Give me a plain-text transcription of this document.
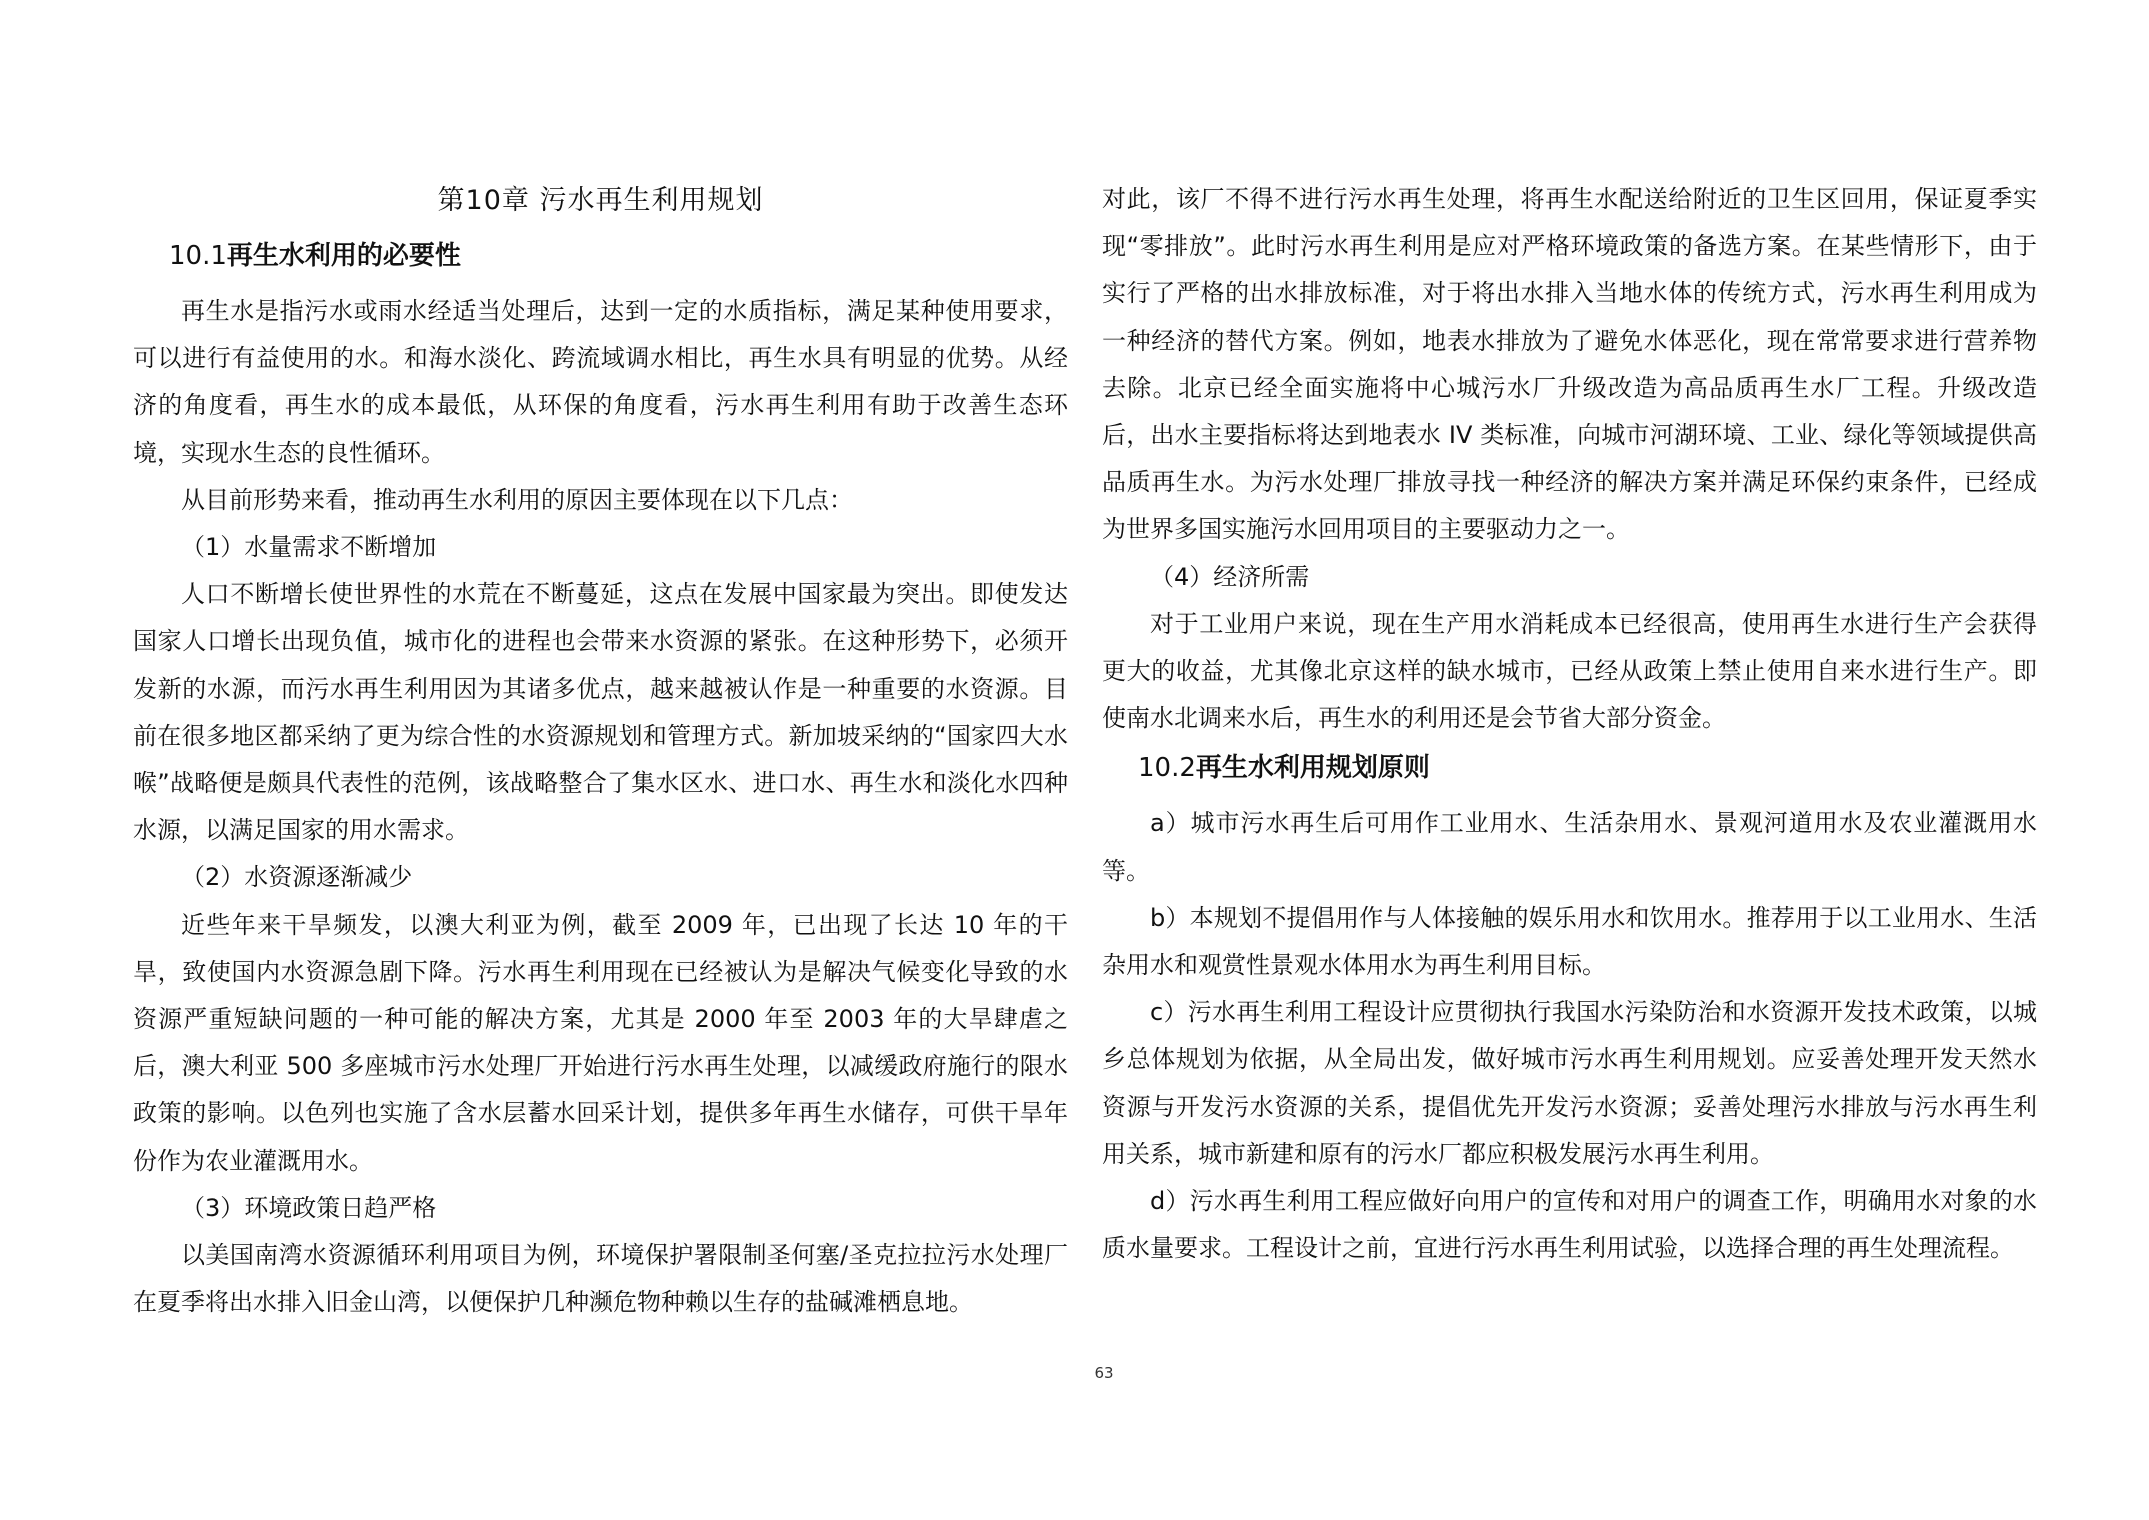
第10章 污水再生利用规划
10.1再生水利用的必要性

再生水是指污水或雨水经适当处理后，达到一定的水质指标，满足某种使用要求，可以进行有益使用的水。和海水淡化、跨流域调水相比，再生水具有明显的优势。从经济的角度看，再生水的成本最低，从环保的角度看，污水再生利用有助于改善生态环境，实现水生态的良性循环。

从目前形势来看，推动再生水利用的原因主要体现在以下几点：

（1）水量需求不断增加

人口不断增长使世界性的水荒在不断蔓延，这点在发展中国家最为突出。即使发达国家人口增长出现负值，城市化的进程也会带来水资源的紧张。在这种形势下，必须开发新的水源，而污水再生利用因为其诸多优点，越来越被认作是一种重要的水资源。目前在很多地区都采纳了更为综合性的水资源规划和管理方式。新加坡采纳的“国家四大水喉”战略便是颇具代表性的范例，该战略整合了集水区水、进口水、再生水和淡化水四种水源，以满足国家的用水需求。

（2）水资源逐渐减少

近些年来干旱频发，以澳大利亚为例，截至 2009 年，已出现了长达 10 年的干旱，致使国内水资源急剧下降。污水再生利用现在已经被认为是解决气候变化导致的水资源严重短缺问题的一种可能的解决方案，尤其是 2000 年至 2003 年的大旱肆虐之后，澳大利亚 500 多座城市污水处理厂开始进行污水再生处理，以减缓政府施行的限水政策的影响。以色列也实施了含水层蓄水回采计划，提供多年再生水储存，可供干旱年份作为农业灌溉用水。

（3）环境政策日趋严格

以美国南湾水资源循环利用项目为例，环境保护署限制圣何塞/圣克拉拉污水处理厂在夏季将出水排入旧金山湾，以便保护几种濒危物种赖以生存的盐碱滩栖息地。

对此，该厂不得不进行污水再生处理，将再生水配送给附近的卫生区回用，保证夏季实现“零排放”。此时污水再生利用是应对严格环境政策的备选方案。在某些情形下，由于实行了严格的出水排放标准，对于将出水排入当地水体的传统方式，污水再生利用成为一种经济的替代方案。例如，地表水排放为了避免水体恶化，现在常常要求进行营养物去除。北京已经全面实施将中心城污水厂升级改造为高品质再生水厂工程。升级改造后，出水主要指标将达到地表水 IV 类标准，向城市河湖环境、工业、绿化等领域提供高品质再生水。为污水处理厂排放寻找一种经济的解决方案并满足环保约束条件，已经成为世界多国实施污水回用项目的主要驱动力之一。

（4）经济所需

对于工业用户来说，现在生产用水消耗成本已经很高，使用再生水进行生产会获得更大的收益，尤其像北京这样的缺水城市，已经从政策上禁止使用自来水进行生产。即使南水北调来水后，再生水的利用还是会节省大部分资金。

10.2再生水利用规划原则

a）城市污水再生后可用作工业用水、生活杂用水、景观河道用水及农业灌溉用水等。

b）本规划不提倡用作与人体接触的娱乐用水和饮用水。推荐用于以工业用水、生活杂用水和观赏性景观水体用水为再生利用目标。

c）污水再生利用工程设计应贯彻执行我国水污染防治和水资源开发技术政策，以城乡总体规划为依据，从全局出发，做好城市污水再生利用规划。应妥善处理开发天然水资源与开发污水资源的关系，提倡优先开发污水资源；妥善处理污水排放与污水再生利用关系，城市新建和原有的污水厂都应积极发展污水再生利用。

d）污水再生利用工程应做好向用户的宣传和对用户的调查工作，明确用水对象的水质水量要求。工程设计之前，宜进行污水再生利用试验，以选择合理的再生处理流程。

63
